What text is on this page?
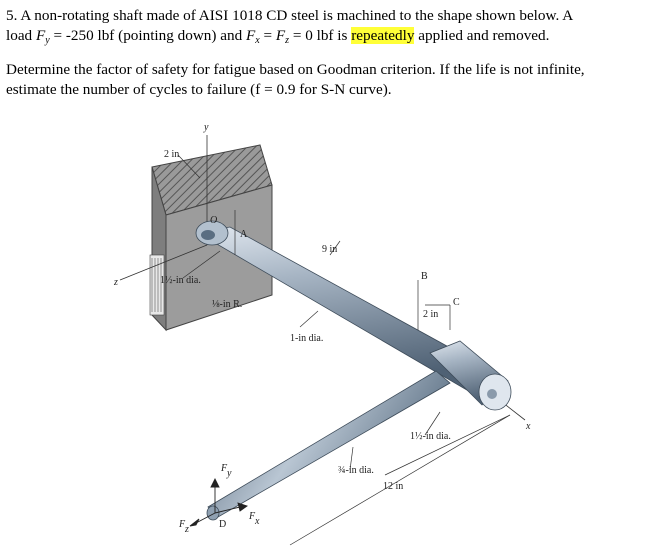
5. A non-rotating shaft made of AISI 1018 CD steel is machined to the shape shown below. A
load Fy = -250 lbf (pointing down) and Fx = Fz = 0 lbf is repeatedly applied and removed.

Determine the factor of safety for fatigue based on Goodman criterion. If the life is not infinite,
estimate the number of cycles to failure (f = 0.9 for S-N curve).

y
z
x
O
A
B
C
D
2 in
9 in
2 in
12 in
1½-in dia.
⅛-in R.
1-in dia.
1½-in dia.
¾-in dia.
F y
F x
F z
